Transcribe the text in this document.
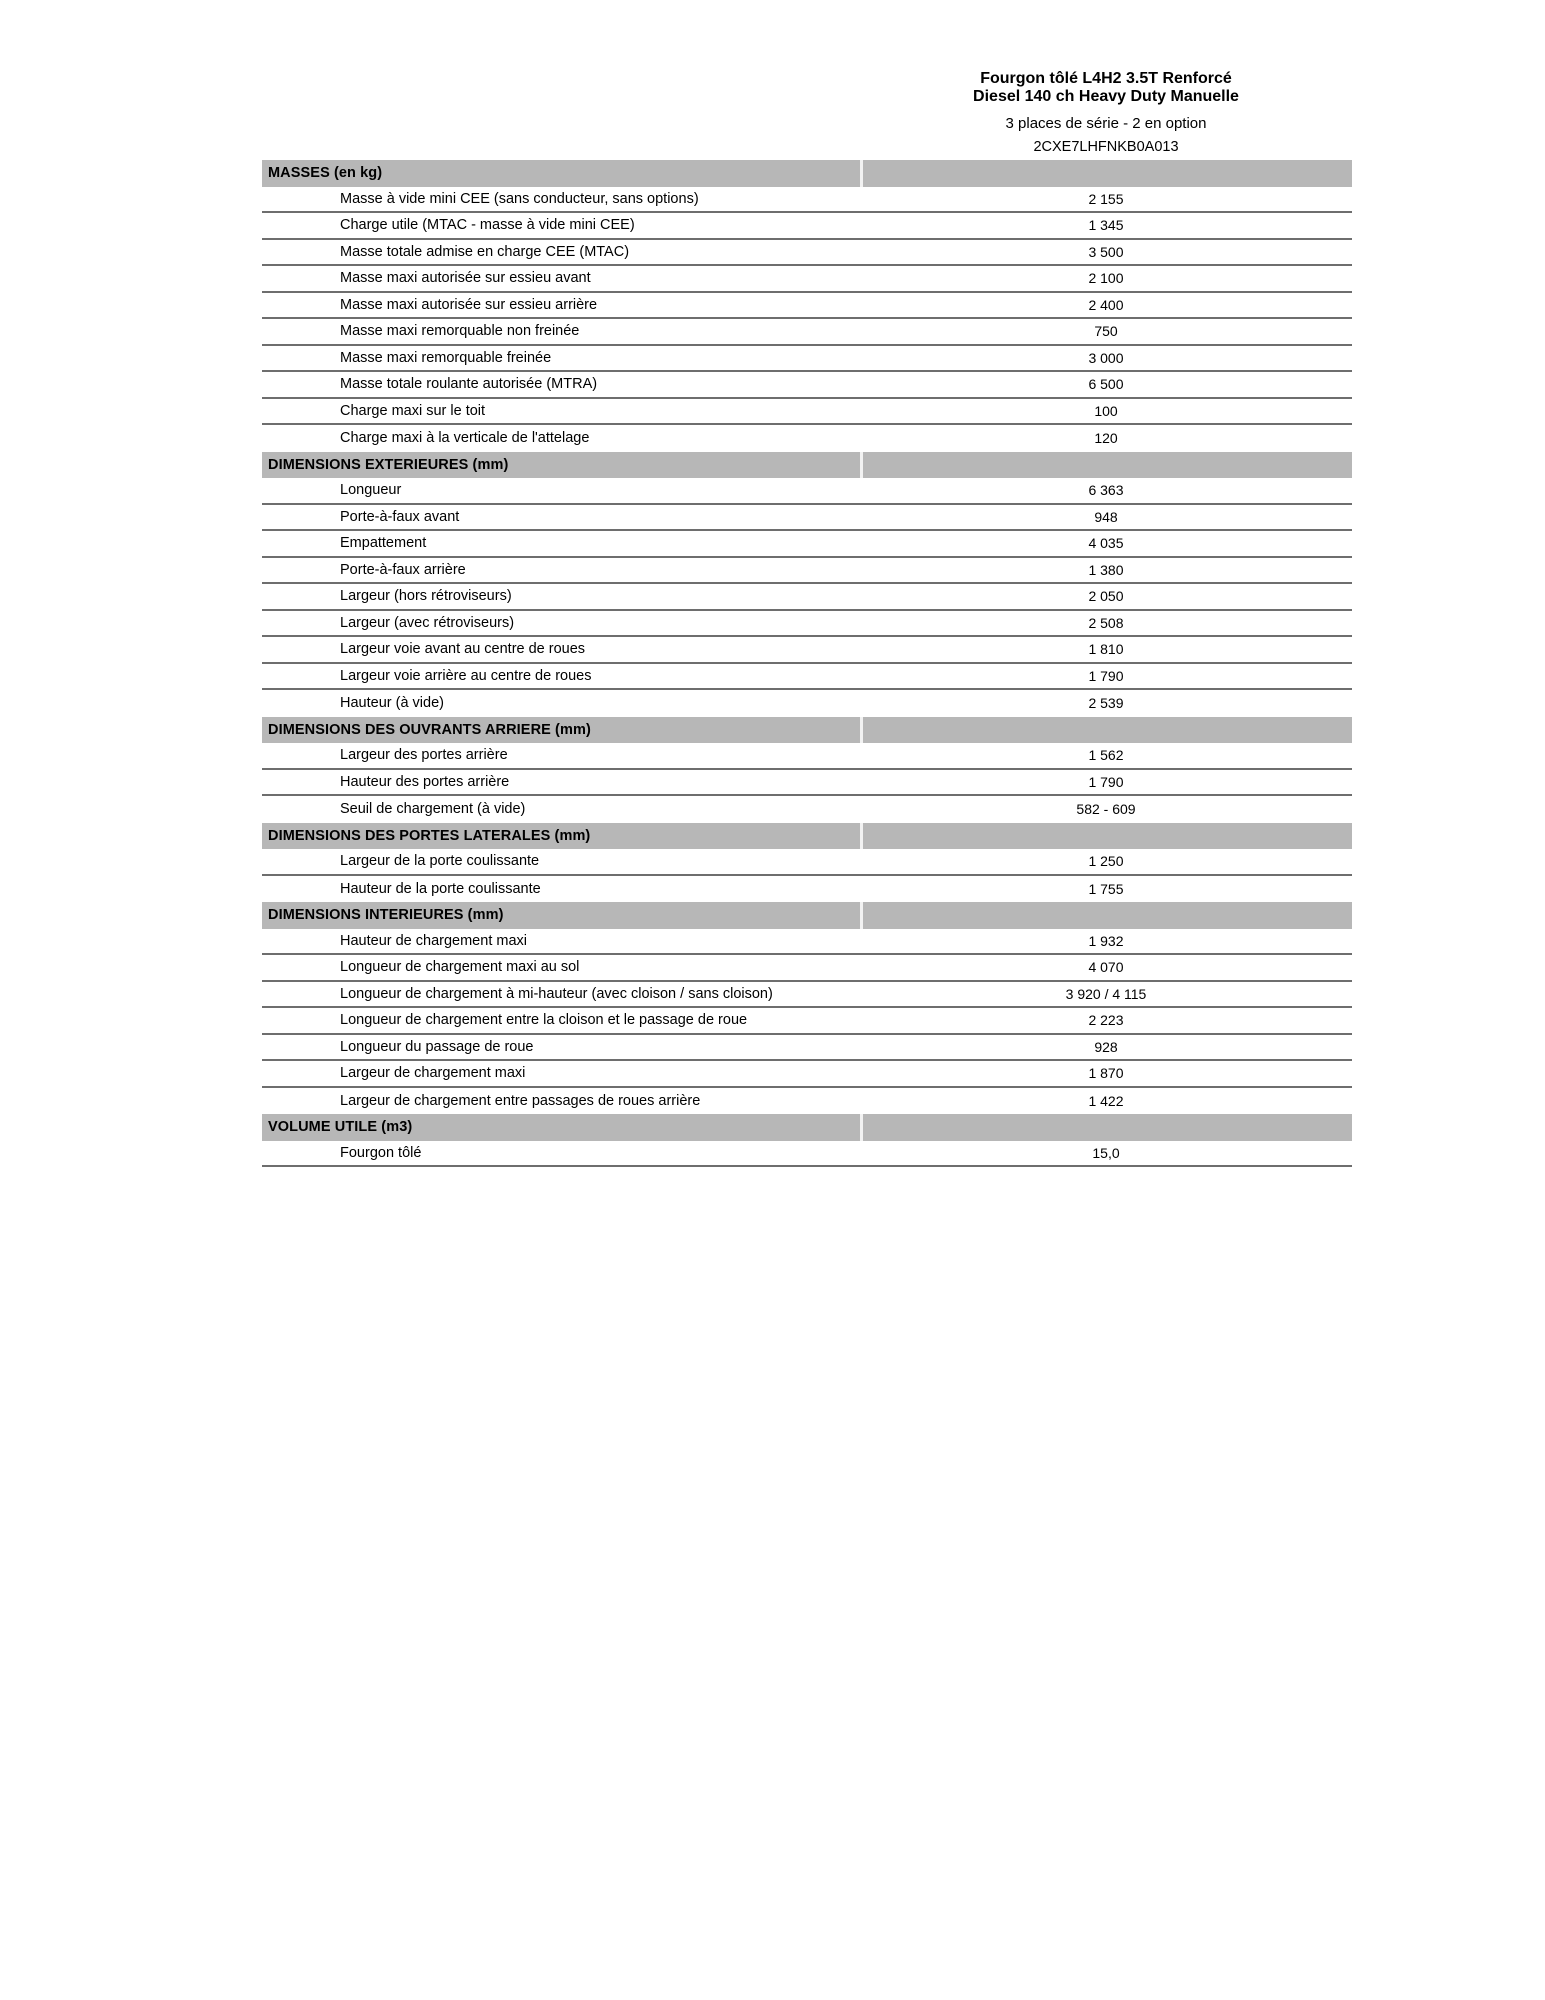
Fourgon tôlé L4H2 3.5T Renforcé
Diesel 140 ch Heavy Duty Manuelle
3 places de série - 2 en option
2CXE7LHFNKB0A013
MASSES (en kg)
Masse à vide mini CEE (sans conducteur, sans options)	2 155
Charge utile (MTAC - masse à vide mini CEE)	1 345
Masse totale admise en charge CEE (MTAC)	3 500
Masse maxi autorisée sur essieu avant	2 100
Masse maxi autorisée sur essieu arrière	2 400
Masse maxi remorquable non freinée	750
Masse maxi remorquable freinée	3 000
Masse totale roulante autorisée (MTRA)	6 500
Charge maxi sur le toit	100
Charge maxi à la verticale de l'attelage	120
DIMENSIONS EXTERIEURES (mm)
Longueur	6 363
Porte-à-faux avant	948
Empattement	4 035
Porte-à-faux arrière	1 380
Largeur (hors rétroviseurs)	2 050
Largeur (avec rétroviseurs)	2 508
Largeur voie avant au centre de roues	1 810
Largeur voie arrière au centre de roues	1 790
Hauteur (à vide)	2 539
DIMENSIONS DES OUVRANTS ARRIERE (mm)
Largeur des portes arrière	1 562
Hauteur des portes arrière	1 790
Seuil de chargement (à vide)	582 - 609
DIMENSIONS DES PORTES LATERALES (mm)
Largeur de la porte coulissante	1 250
Hauteur de la porte coulissante	1 755
DIMENSIONS INTERIEURES (mm)
Hauteur de chargement maxi	1 932
Longueur de chargement maxi au sol	4 070
Longueur de chargement à mi-hauteur (avec cloison / sans cloison)	3 920 / 4 115
Longueur de chargement entre la cloison et le passage de roue	2 223
Longueur du passage de roue	928
Largeur de chargement maxi	1 870
Largeur de chargement entre passages de roues arrière	1 422
VOLUME UTILE (m3)
Fourgon tôlé	15,0
